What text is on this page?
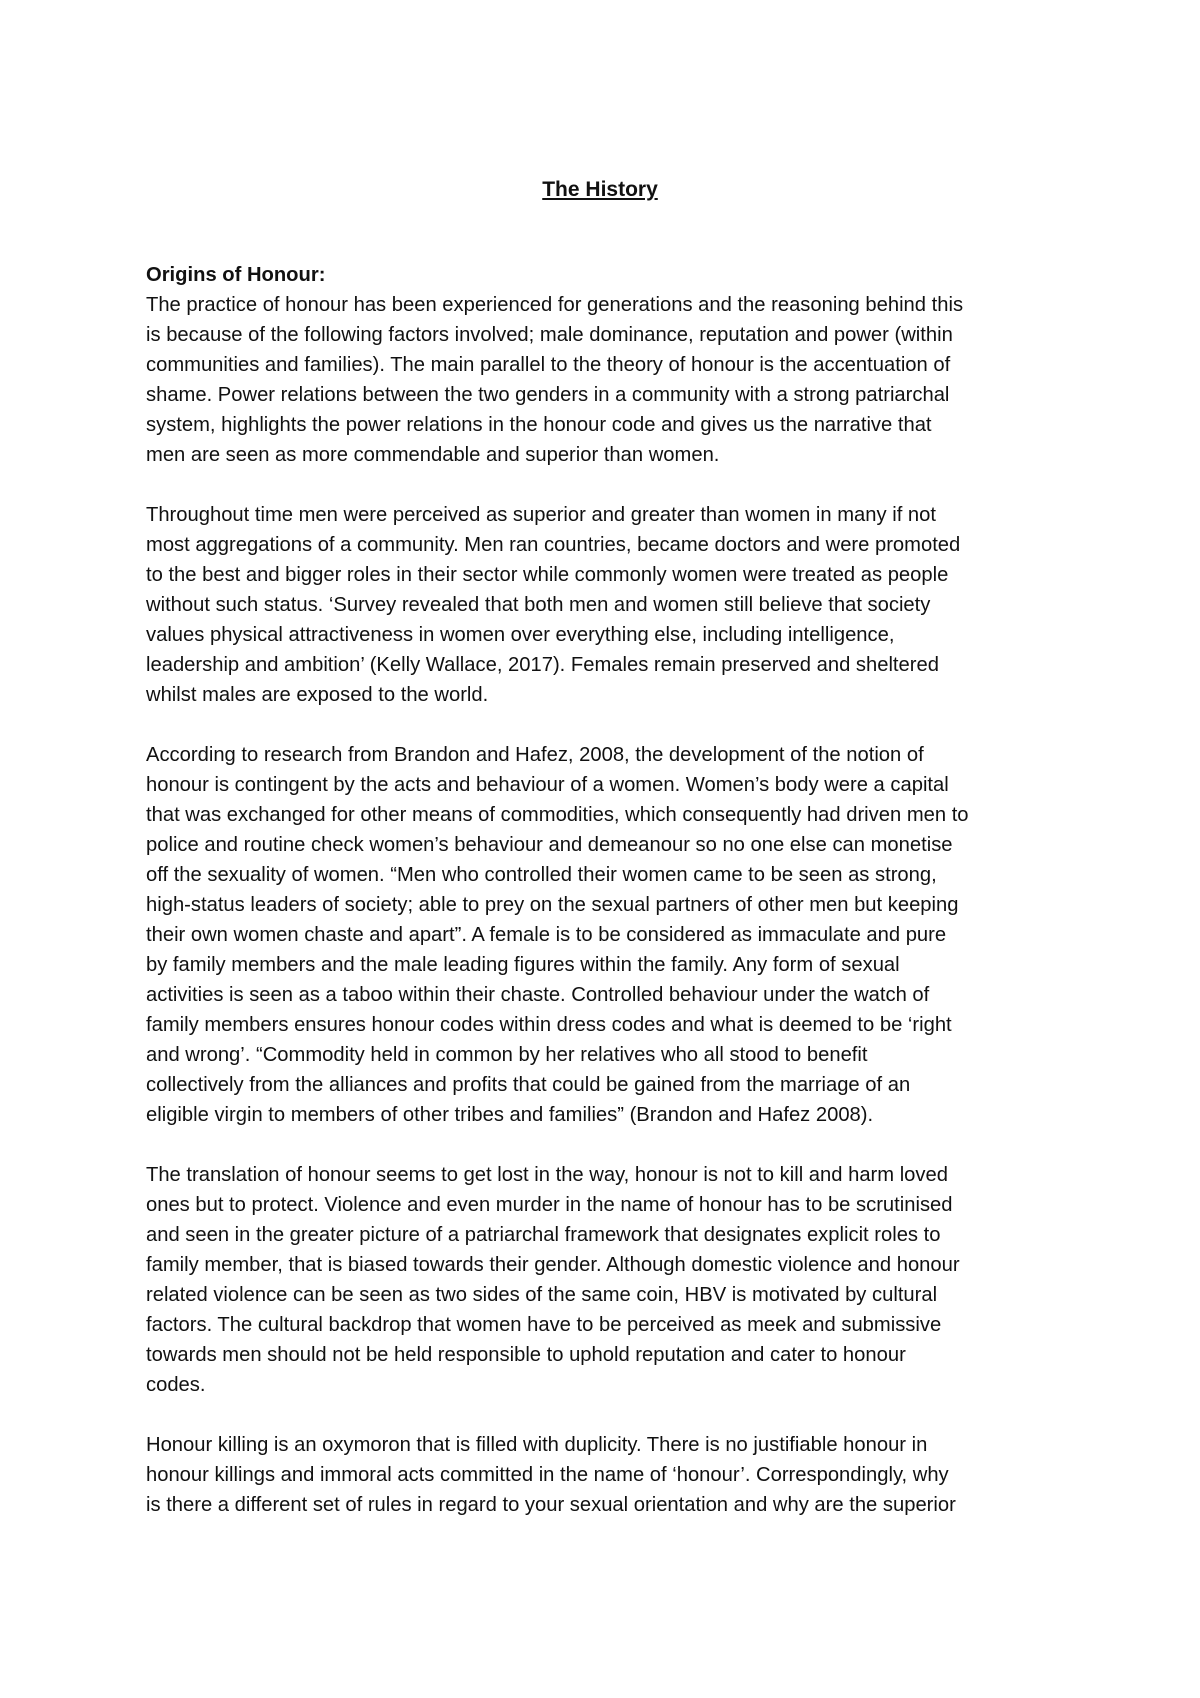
The History

Origins of Honour:

The practice of honour has been experienced for generations and the reasoning behind this
is because of the following factors involved; male dominance, reputation and power (within
communities and families). The main parallel to the theory of honour is the accentuation of
shame. Power relations between the two genders in a community with a strong patriarchal
system, highlights the power relations in the honour code and gives us the narrative that
men are seen as more commendable and superior than women.
Throughout time men were perceived as superior and greater than women in many if not
most aggregations of a community. Men ran countries, became doctors and were promoted
to the best and bigger roles in their sector while commonly women were treated as people
without such status. ‘Survey revealed that both men and women still believe that society
values physical attractiveness in women over everything else, including intelligence,
leadership and ambition’ (Kelly Wallace, 2017). Females remain preserved and sheltered
whilst males are exposed to the world.
According to research from Brandon and Hafez, 2008, the development of the notion of
honour is contingent by the acts and behaviour of a women. Women’s body were a capital
that was exchanged for other means of commodities, which consequently had driven men to
police and routine check women’s behaviour and demeanour so no one else can monetise
off the sexuality of women. “Men who controlled their women came to be seen as strong,
high-status leaders of society; able to prey on the sexual partners of other men but keeping
their own women chaste and apart”. A female is to be considered as immaculate and pure
by family members and the male leading figures within the family. Any form of sexual
activities is seen as a taboo within their chaste. Controlled behaviour under the watch of
family members ensures honour codes within dress codes and what is deemed to be ‘right
and wrong’. “Commodity held in common by her relatives who all stood to benefit
collectively from the alliances and profits that could be gained from the marriage of an
eligible virgin to members of other tribes and families” (Brandon and Hafez 2008).
The translation of honour seems to get lost in the way, honour is not to kill and harm loved
ones but to protect. Violence and even murder in the name of honour has to be scrutinised
and seen in the greater picture of a patriarchal framework that designates explicit roles to
family member, that is biased towards their gender. Although domestic violence and honour
related violence can be seen as two sides of the same coin, HBV is motivated by cultural
factors. The cultural backdrop that women have to be perceived as meek and submissive
towards men should not be held responsible to uphold reputation and cater to honour
codes.
Honour killing is an oxymoron that is filled with duplicity. There is no justifiable honour in
honour killings and immoral acts committed in the name of ‘honour’. Correspondingly, why
is there a different set of rules in regard to your sexual orientation and why are the superior
